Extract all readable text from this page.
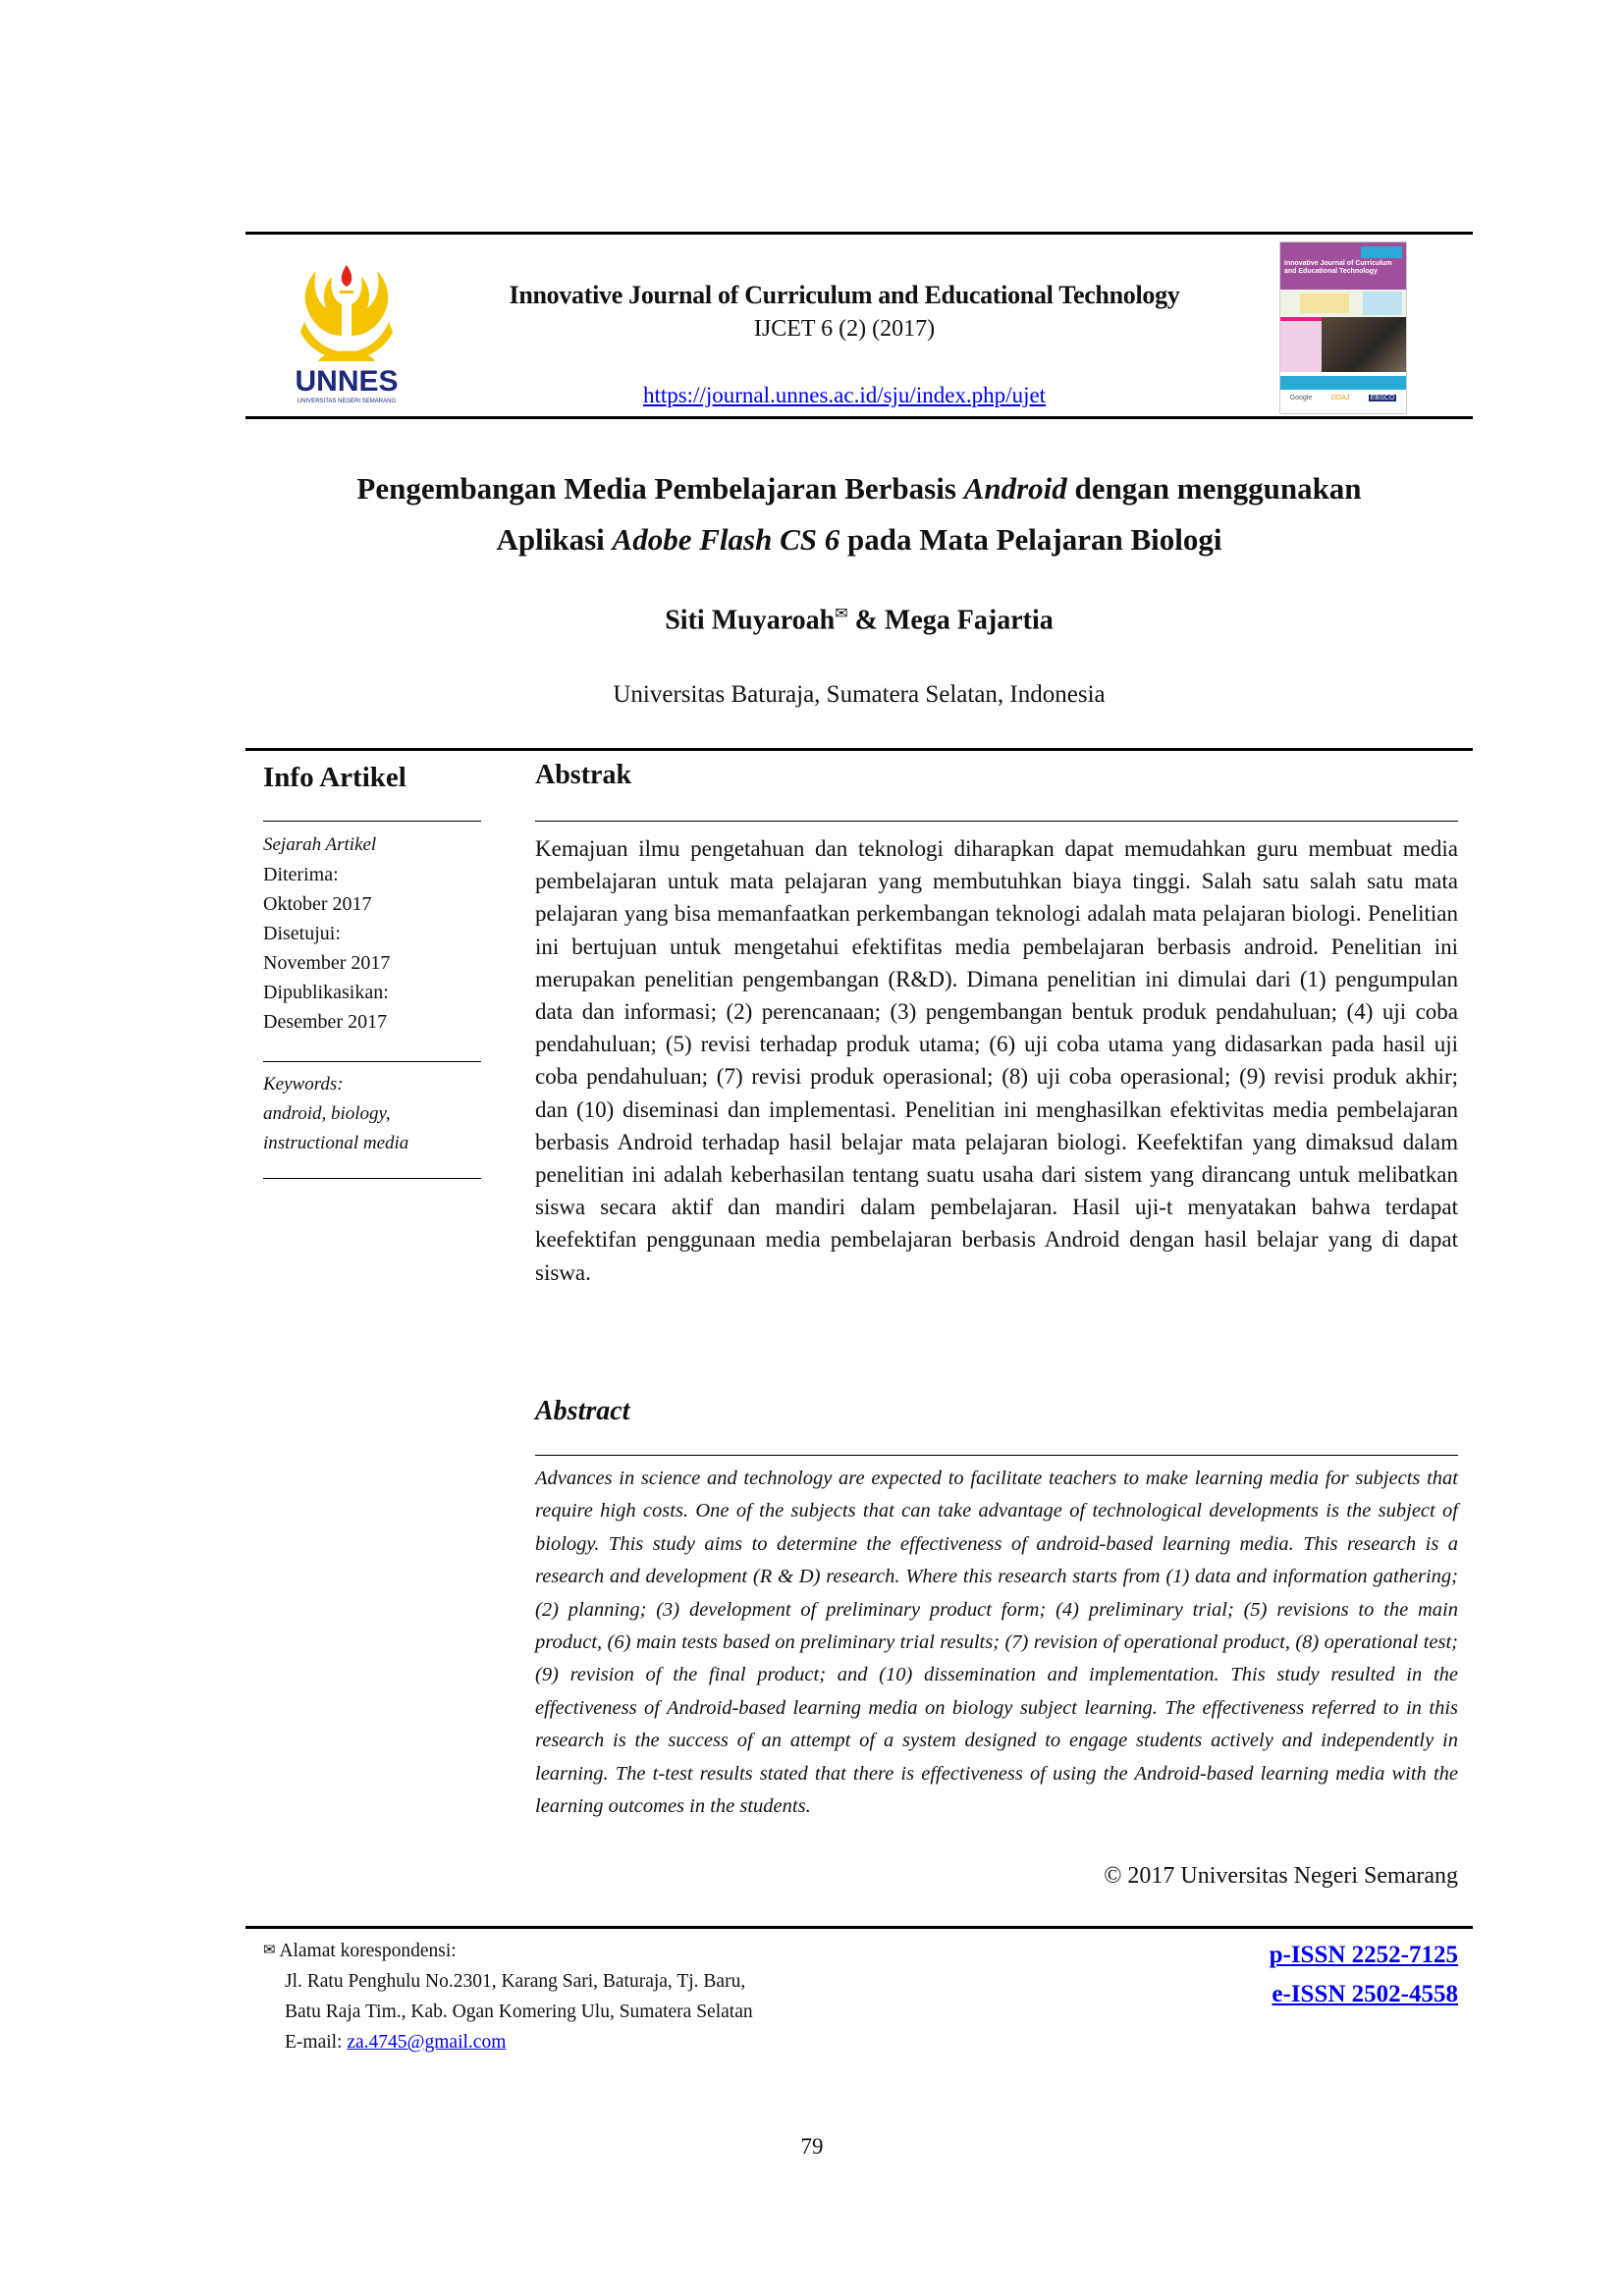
UNNES
UNIVERSITAS NEGERI SEMARANG
Innovative Journal of Curriculum and Educational Technology
IJCET 6 (2) (2017)
https://journal.unnes.ac.id/sju/index.php/ujet
Innovative Journal of Curriculum and Educational Technology
Google	DOAJ	EBSCO
Pengembangan Media Pembelajaran Berbasis Android dengan menggunakan
Aplikasi Adobe Flash CS 6 pada Mata Pelajaran Biologi
Siti Muyaroah✉ & Mega Fajartia
Universitas Baturaja, Sumatera Selatan, Indonesia
Info Artikel
Sejarah Artikel
Diterima:
Oktober 2017
Disetujui:
November 2017
Dipublikasikan:
Desember 2017
Keywords:
android, biology,
instructional media
Abstrak
Kemajuan ilmu pengetahuan dan teknologi diharapkan dapat memudahkan guru membuat media pembelajaran untuk mata pelajaran yang membutuhkan biaya tinggi. Salah satu salah satu mata pelajaran yang bisa memanfaatkan perkembangan teknologi adalah mata pelajaran biologi. Penelitian ini bertujuan untuk mengetahui efektifitas media pembelajaran berbasis android. Penelitian ini merupakan penelitian pengembangan (R&D). Dimana penelitian ini dimulai dari (1) pengumpulan data dan informasi; (2) perencanaan; (3) pengembangan bentuk produk pendahuluan; (4) uji coba pendahuluan; (5) revisi terhadap produk utama; (6) uji coba utama yang didasarkan pada hasil uji coba pendahuluan; (7) revisi produk operasional; (8) uji coba operasional; (9) revisi produk akhir; dan (10) diseminasi dan implementasi. Penelitian ini menghasilkan efektivitas media pembelajaran berbasis Android terhadap hasil belajar mata pelajaran biologi. Keefektifan yang dimaksud dalam penelitian ini adalah keberhasilan tentang suatu usaha dari sistem yang dirancang untuk melibatkan siswa secara aktif dan mandiri dalam pembelajaran. Hasil uji-t menyatakan bahwa terdapat keefektifan penggunaan media pembelajaran berbasis Android dengan hasil belajar yang di dapat siswa.
Abstract
Advances in science and technology are expected to facilitate teachers to make learning media for subjects that require high costs. One of the subjects that can take advantage of technological developments is the subject of biology. This study aims to determine the effectiveness of android-based learning media. This research is a research and development (R & D) research. Where this research starts from (1) data and information gathering; (2) planning; (3) development of preliminary product form; (4) preliminary trial; (5) revisions to the main product, (6) main tests based on preliminary trial results; (7) revision of operational product, (8) operational test; (9) revision of the final product; and (10) dissemination and implementation. This study resulted in the effectiveness of Android-based learning media on biology subject learning. The effectiveness referred to in this research is the success of an attempt of a system designed to engage students actively and independently in learning. The t-test results stated that there is effectiveness of using the Android-based learning media with the learning outcomes in the students.
© 2017 Universitas Negeri Semarang
✉ Alamat korespondensi:
Jl. Ratu Penghulu No.2301, Karang Sari, Baturaja, Tj. Baru,
Batu Raja Tim., Kab. Ogan Komering Ulu, Sumatera Selatan
E-mail: za.4745@gmail.com
p-ISSN 2252-7125
e-ISSN 2502-4558
79
